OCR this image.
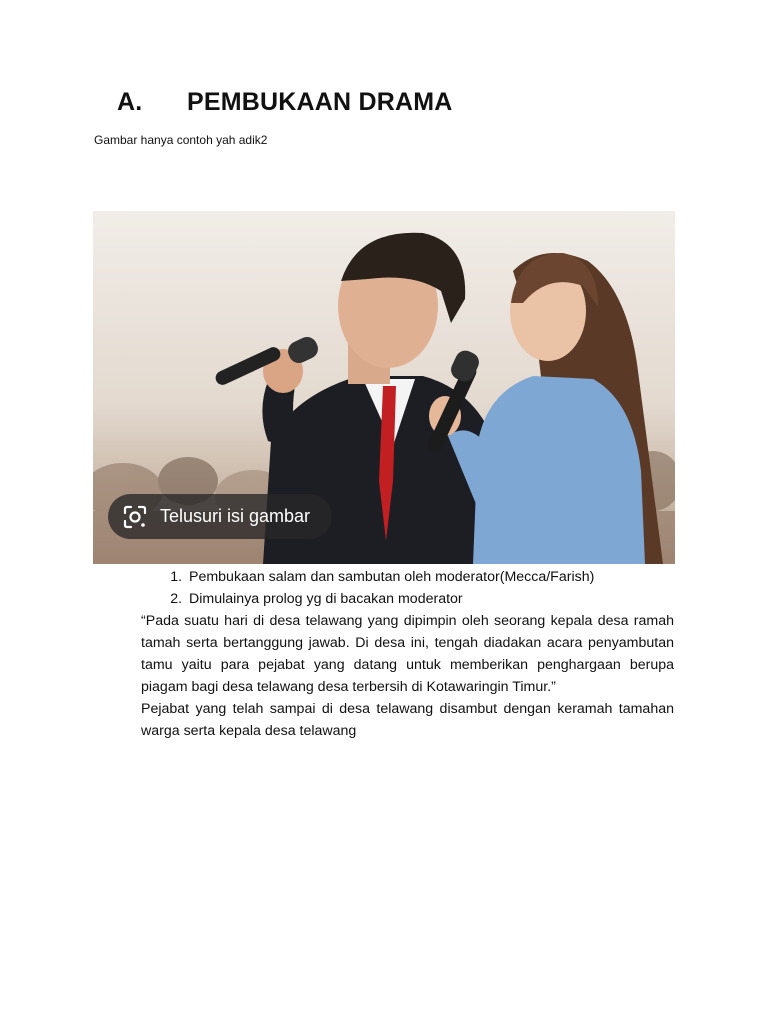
A.	PEMBUKAAN DRAMA
Gambar hanya contoh yah adik2
Telusuri isi gambar
1. Pembukaan salam dan sambutan oleh moderator(Mecca/Farish)
2. Dimulainya prolog yg di bacakan moderator

“Pada suatu hari di desa telawang yang dipimpin oleh seorang kepala desa ramah tamah serta bertanggung jawab. Di desa ini, tengah diadakan acara penyambutan tamu yaitu para pejabat yang datang untuk memberikan penghargaan berupa piagam bagi desa telawang desa terbersih di Kotawaringin Timur.”

Pejabat yang telah sampai di desa telawang disambut dengan keramah tamahan warga serta kepala desa telawang
